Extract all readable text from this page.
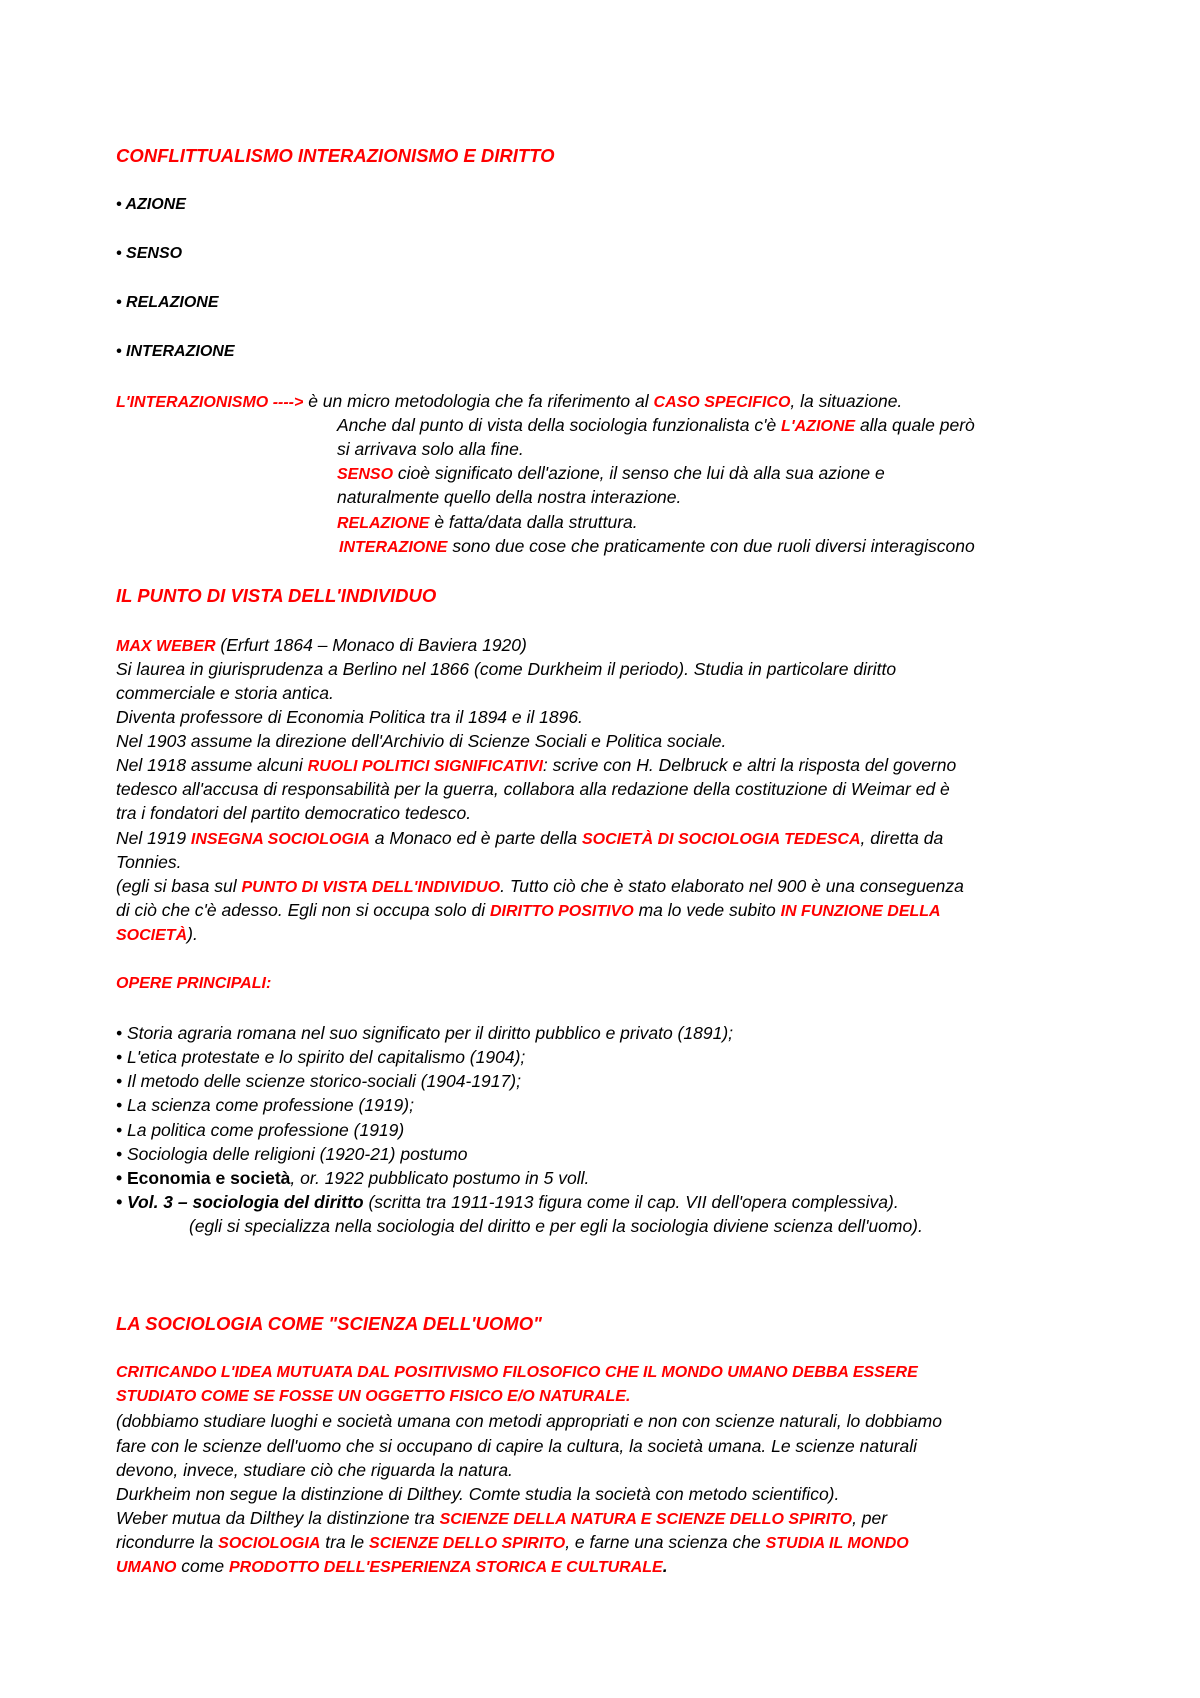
CONFLITTUALISMO INTERAZIONISMO E DIRITTO
• AZIONE
• SENSO
• RELAZIONE
• INTERAZIONE
L'INTERAZIONISMO ----> è un micro metodologia che fa riferimento al CASO SPECIFICO, la situazione.
Anche dal punto di vista della sociologia funzionalista c'è L'AZIONE alla quale però
si arrivava solo alla fine.
SENSO cioè significato dell'azione, il senso che lui dà alla sua azione e
naturalmente quello della nostra interazione.
RELAZIONE è fatta/data dalla struttura.
INTERAZIONE sono due cose che praticamente con due ruoli diversi interagiscono
IL PUNTO DI VISTA DELL'INDIVIDUO
MAX WEBER (Erfurt 1864 – Monaco di Baviera 1920)
Si laurea in giurisprudenza a Berlino nel 1866 (come Durkheim il periodo). Studia in particolare diritto
commerciale e storia antica.
Diventa professore di Economia Politica tra il 1894 e il 1896.
Nel 1903 assume la direzione dell'Archivio di Scienze Sociali e Politica sociale.
Nel 1918 assume alcuni RUOLI POLITICI SIGNIFICATIVI: scrive con H. Delbruck e altri la risposta del governo
tedesco all'accusa di responsabilità per la guerra, collabora alla redazione della costituzione di Weimar ed è
tra i fondatori del partito democratico tedesco.
Nel 1919 INSEGNA SOCIOLOGIA a Monaco ed è parte della SOCIETÀ DI SOCIOLOGIA TEDESCA, diretta da
Tonnies.
(egli si basa sul PUNTO DI VISTA DELL'INDIVIDUO. Tutto ciò che è stato elaborato nel 900 è una conseguenza
di ciò che c'è adesso. Egli non si occupa solo di DIRITTO POSITIVO ma lo vede subito IN FUNZIONE DELLA
SOCIETÀ).
OPERE PRINCIPALI:
• Storia agraria romana nel suo significato per il diritto pubblico e privato (1891);
• L'etica protestate e lo spirito del capitalismo (1904);
• Il metodo delle scienze storico-sociali (1904-1917);
• La scienza come professione (1919);
• La politica come professione (1919)
• Sociologia delle religioni (1920-21) postumo
• Economia e società, or. 1922 pubblicato postumo in 5 voll.
• Vol. 3 – sociologia del diritto (scritta tra 1911-1913 figura come il cap. VII dell'opera complessiva).
(egli si specializza nella sociologia del diritto e per egli la sociologia diviene scienza dell'uomo).
LA SOCIOLOGIA COME "SCIENZA DELL'UOMO"
CRITICANDO L'IDEA MUTUATA DAL POSITIVISMO FILOSOFICO CHE IL MONDO UMANO DEBBA ESSERE
STUDIATO COME SE FOSSE UN OGGETTO FISICO E/O NATURALE.
(dobbiamo studiare luoghi e società umana con metodi appropriati e non con scienze naturali, lo dobbiamo
fare con le scienze dell'uomo che si occupano di capire la cultura, la società umana. Le scienze naturali
devono, invece, studiare ciò che riguarda la natura.
Durkheim non segue la distinzione di Dilthey. Comte studia la società con metodo scientifico).
Weber mutua da Dilthey la distinzione tra SCIENZE DELLA NATURA E SCIENZE DELLO SPIRITO, per
ricondurre la SOCIOLOGIA tra le SCIENZE DELLO SPIRITO, e farne una scienza che STUDIA IL MONDO
UMANO come PRODOTTO DELL'ESPERIENZA STORICA E CULTURALE.
